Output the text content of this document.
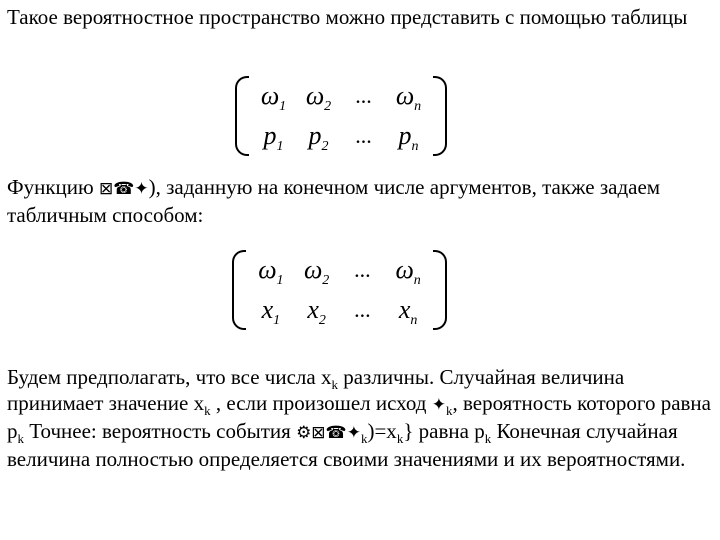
Такое вероятностное пространство можно представить с помощью таблицы

$\omega_1$ $\omega_2$ ... $\omega_n$
$p_1$ $p_2$ ... $p_n$

Функцию ⊠☎✦), заданную на конечном числе аргументов, также задаем табличным способом:

$\omega_1$ $\omega_2$ ... $\omega_n$
$x_1$ $x_2$ ... $x_n$

Будем предполагать, что все числа $x_k$ различны. Случайная величина принимает значение $x_k$ , если произошел исход $✦_k$, вероятность которого равна $p_k$ Точнее: вероятность события $⚙⊠☎✦_k)=x_k$} равна $p_k$ Конечная случайная величина полностью определяется своими значениями и их вероятностями.
